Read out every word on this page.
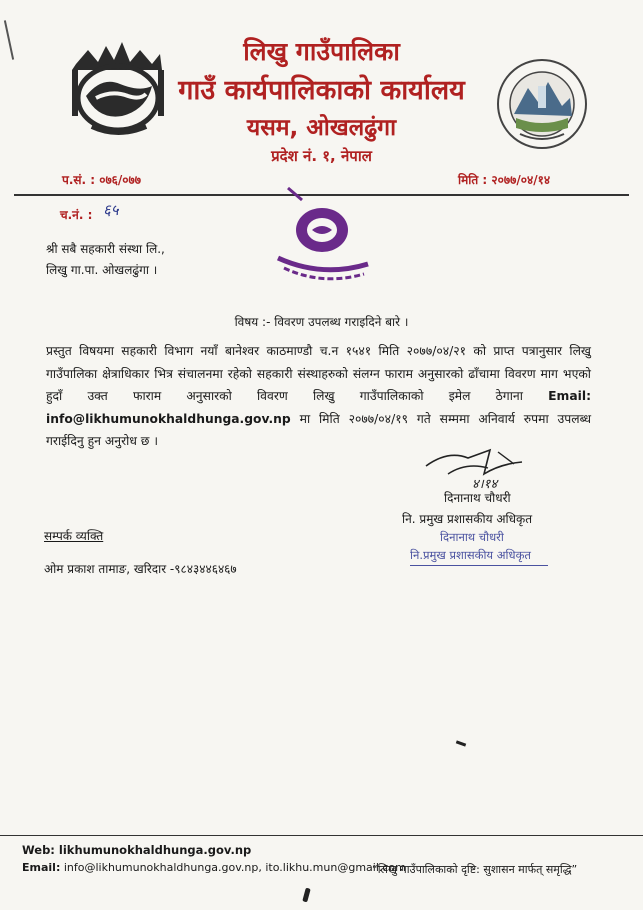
लिखु गाउँपालिका
गाउँ कार्यपालिकाको कार्यालय
यसम, ओखलढुंगा
प्रदेश नं. १, नेपाल
प.सं. : ०७६/०७७	मिति : २०७७/०४/१४
च.नं. : ६५
श्री सबै सहकारी संस्था लि.,
लिखु गा.पा. ओखलढुंगा ।
विषय :- विवरण उपलब्ध गराइदिने बारे ।
प्रस्तुत विषयमा सहकारी विभाग नयाँ बानेश्वर काठमाण्डौ च.न १५४१ मिति २०७७/०४/२१ को प्राप्त पत्रानुसार लिखु गाउँपालिका क्षेत्राधिकार भित्र संचालनमा रहेको सहकारी संस्थाहरुको संलग्न फाराम अनुसारको ढाँचामा विवरण माग भएको हुदाँ उक्त फाराम अनुसारको विवरण लिखु गाउँपालिकाको इमेल ठेगाना Email: info@likhumunokhaldhunga.gov.np मा मिति २०७७/०४/१९ गते सम्ममा अनिवार्य रुपमा उपलब्ध गराईदिनु हुन अनुरोध छ ।
४।१४
दिनानाथ चौधरी
नि. प्रमुख प्रशासकीय अधिकृत
दिनानाथ चौधरी
नि.प्रमुख प्रशासकीय अधिकृत
सम्पर्क व्यक्ति
ओम प्रकाश तामाङ, खरिदार -९८४३४४६४६७
Web: likhumunokhaldhunga.gov.np
Email: info@likhumunokhaldhunga.gov.np, ito.likhu.mun@gmail.com
“लिखु गाउँपालिकाको दृष्टि: सुशासन मार्फत् समृद्धि”
